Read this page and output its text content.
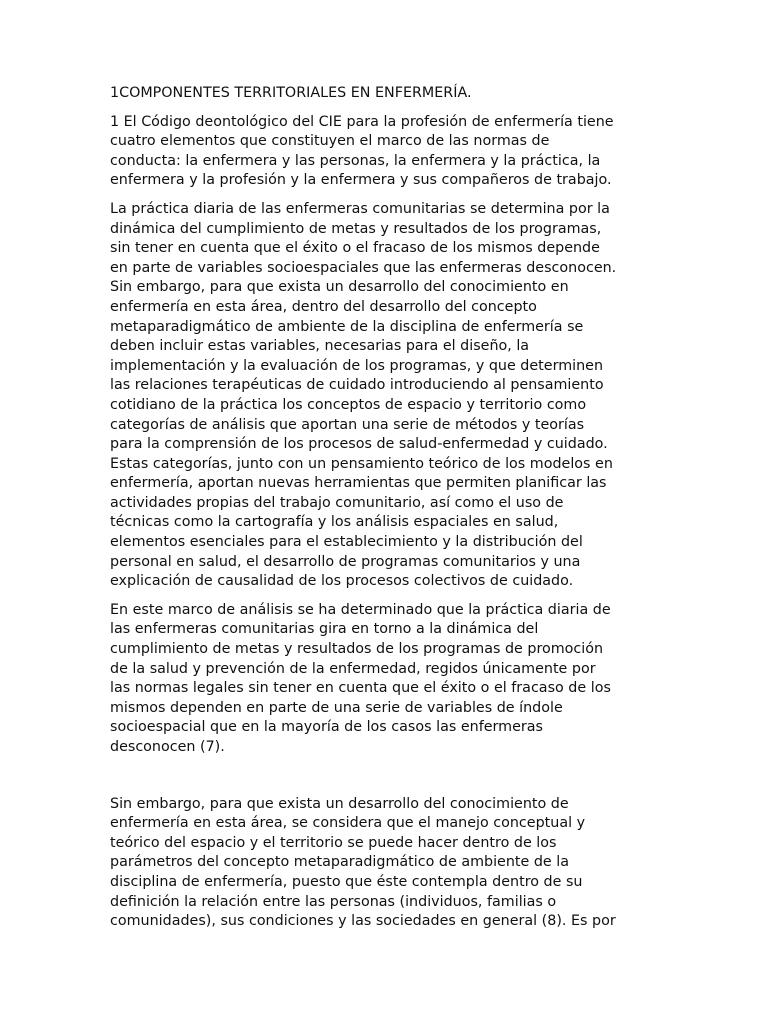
1COMPONENTES TERRITORIALES EN ENFERMERÍA.

1 El Código deontológico del CIE para la profesión de enfermería tiene
cuatro elementos que constituyen el marco de las normas de
conducta: la enfermera y las personas, la enfermera y la práctica, la
enfermera y la profesión y la enfermera y sus compañeros de trabajo.

La práctica diaria de las enfermeras comunitarias se determina por la
dinámica del cumplimiento de metas y resultados de los programas,
sin tener en cuenta que el éxito o el fracaso de los mismos depende
en parte de variables socioespaciales que las enfermeras desconocen.
Sin embargo, para que exista un desarrollo del conocimiento en
enfermería en esta área, dentro del desarrollo del concepto
metaparadigmático de ambiente de la disciplina de enfermería se
deben incluir estas variables, necesarias para el diseño, la
implementación y la evaluación de los programas, y que determinen
las relaciones terapéuticas de cuidado introduciendo al pensamiento
cotidiano de la práctica los conceptos de espacio y territorio como
categorías de análisis que aportan una serie de métodos y teorías
para la comprensión de los procesos de salud-enfermedad y cuidado.
Estas categorías, junto con un pensamiento teórico de los modelos en
enfermería, aportan nuevas herramientas que permiten planificar las
actividades propias del trabajo comunitario, así como el uso de
técnicas como la cartografía y los análisis espaciales en salud,
elementos esenciales para el establecimiento y la distribución del
personal en salud, el desarrollo de programas comunitarios y una
explicación de causalidad de los procesos colectivos de cuidado.

En este marco de análisis se ha determinado que la práctica diaria de
las enfermeras comunitarias gira en torno a la dinámica del
cumplimiento de metas y resultados de los programas de promoción
de la salud y prevención de la enfermedad, regidos únicamente por
las normas legales sin tener en cuenta que el éxito o el fracaso de los
mismos dependen en parte de una serie de variables de índole
socioespacial que en la mayoría de los casos las enfermeras
desconocen (7).

Sin embargo, para que exista un desarrollo del conocimiento de
enfermería en esta área, se considera que el manejo conceptual y
teórico del espacio y el territorio se puede hacer dentro de los
parámetros del concepto metaparadigmático de ambiente de la
disciplina de enfermería, puesto que éste contempla dentro de su
definición la relación entre las personas (individuos, familias o
comunidades), sus condiciones y las sociedades en general (8). Es por
